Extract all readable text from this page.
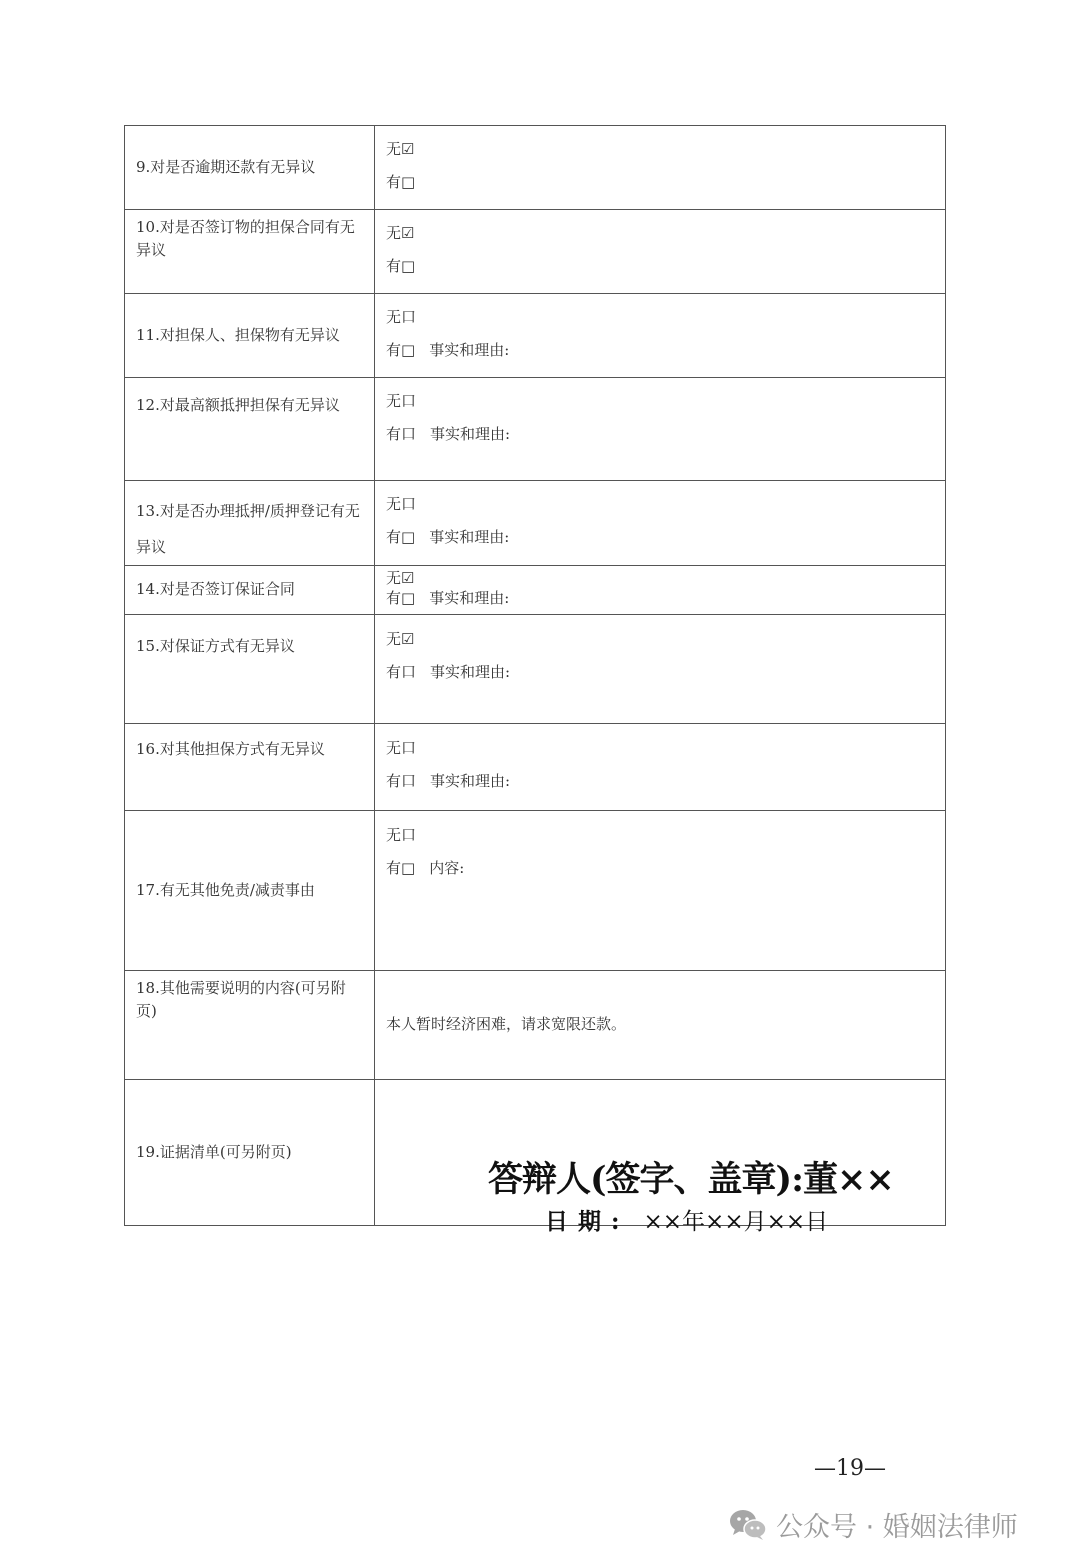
9.对是否逾期还款有无异议	无☑
有□

10.对是否签订物的担保合同有无异议	无☑
有□

11.对担保人、担保物有无异议	无口
有□ 事实和理由:

12.对最高额抵押担保有无异议	无口
有口 事实和理由:

13.对是否办理抵押/质押登记有无异议	无口
有□ 事实和理由:

14.对是否签订保证合同	无☑
有□ 事实和理由:

15.对保证方式有无异议	无☑
有口 事实和理由:

16.对其他担保方式有无异议	无口
有口 事实和理由:

17.有无其他免责/减责事由	无口
有□ 内容:

18.其他需要说明的内容(可另附页)	本人暂时经济困难，请求宽限还款。

19.证据清单(可另附页)	

答辩人(签字、盖章):董××
日期: ××年××月××日
—19—
公众号 · 婚姻法律师
